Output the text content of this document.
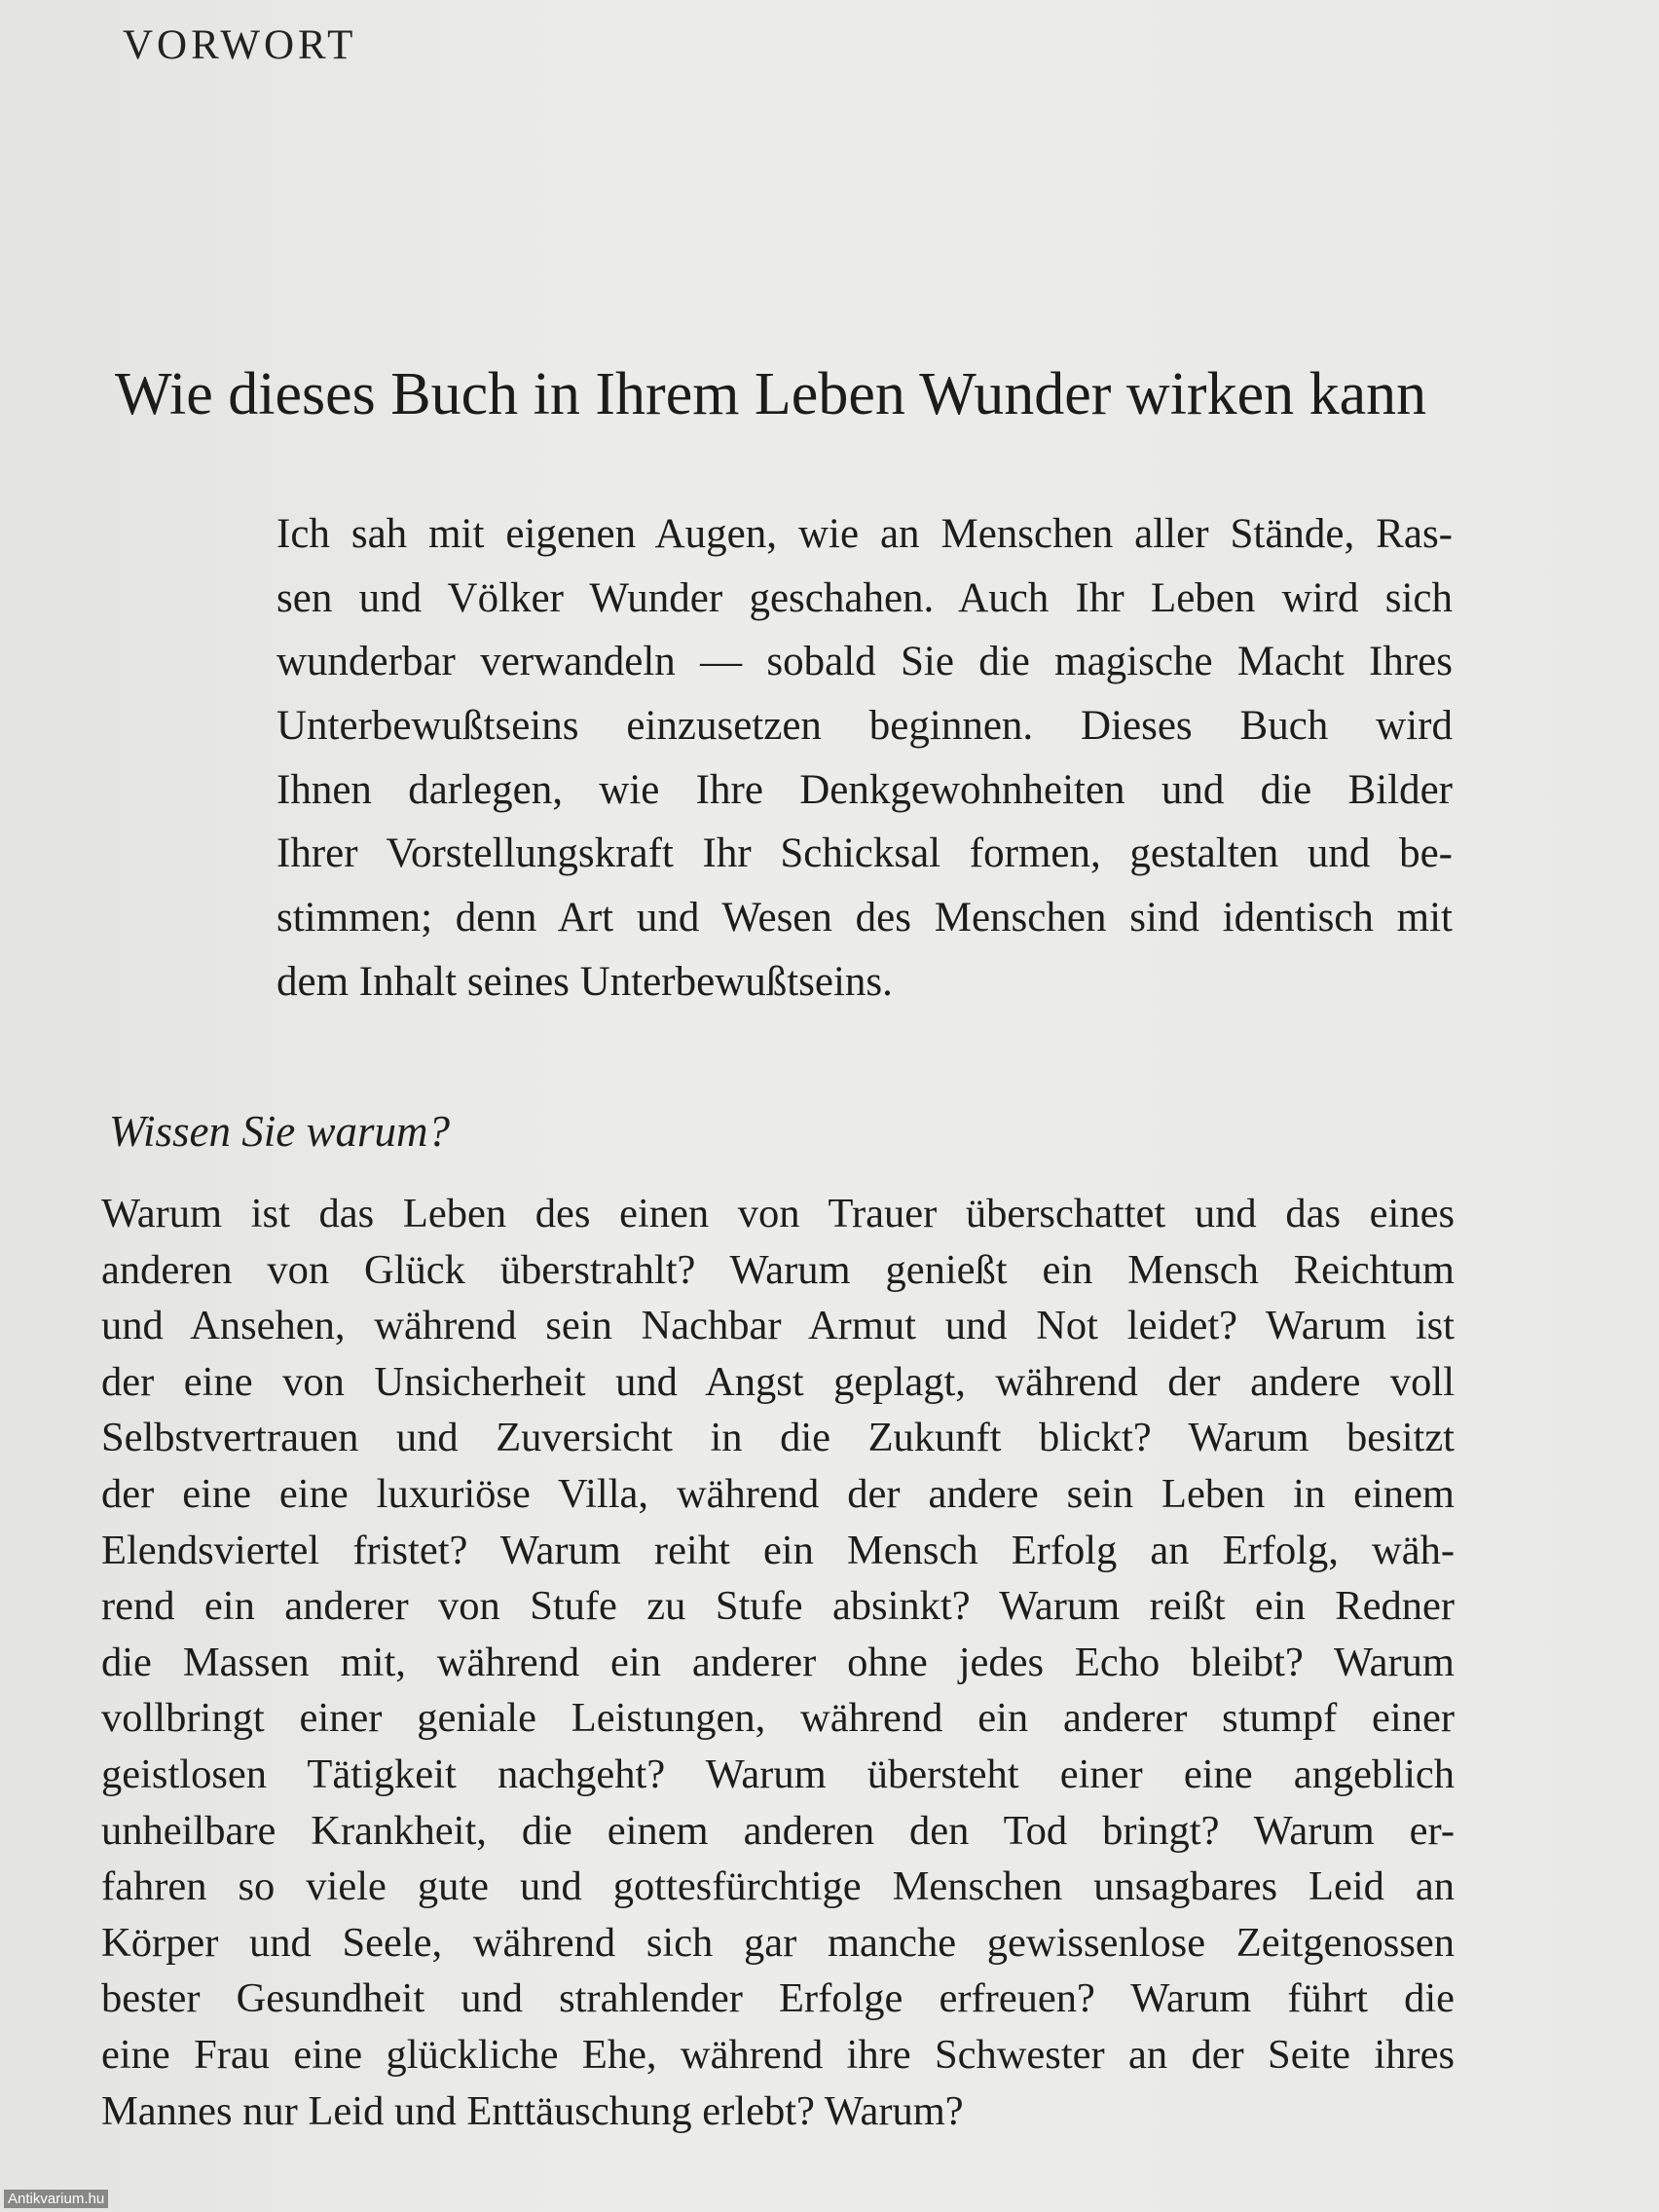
VORWORT
Wie dieses Buch in Ihrem Leben Wunder wirken kann
Ich sah mit eigenen Augen, wie an Menschen aller Stände, Ras-
sen und Völker Wunder geschahen. Auch Ihr Leben wird sich
wunderbar verwandeln — sobald Sie die magische Macht Ihres
Unterbewußtseins einzusetzen beginnen. Dieses Buch wird
Ihnen darlegen, wie Ihre Denkgewohnheiten und die Bilder
Ihrer Vorstellungskraft Ihr Schicksal formen, gestalten und be-
stimmen; denn Art und Wesen des Menschen sind identisch mit
dem Inhalt seines Unterbewußtseins.
Wissen Sie warum?
Warum ist das Leben des einen von Trauer überschattet und das eines
anderen von Glück überstrahlt? Warum genießt ein Mensch Reichtum
und Ansehen, während sein Nachbar Armut und Not leidet? Warum ist
der eine von Unsicherheit und Angst geplagt, während der andere voll
Selbstvertrauen und Zuversicht in die Zukunft blickt? Warum besitzt
der eine eine luxuriöse Villa, während der andere sein Leben in einem
Elendsviertel fristet? Warum reiht ein Mensch Erfolg an Erfolg, wäh-
rend ein anderer von Stufe zu Stufe absinkt? Warum reißt ein Redner
die Massen mit, während ein anderer ohne jedes Echo bleibt? Warum
vollbringt einer geniale Leistungen, während ein anderer stumpf einer
geistlosen Tätigkeit nachgeht? Warum übersteht einer eine angeblich
unheilbare Krankheit, die einem anderen den Tod bringt? Warum er-
fahren so viele gute und gottesfürchtige Menschen unsagbares Leid an
Körper und Seele, während sich gar manche gewissenlose Zeitgenossen
bester Gesundheit und strahlender Erfolge erfreuen? Warum führt die
eine Frau eine glückliche Ehe, während ihre Schwester an der Seite ihres
Mannes nur Leid und Enttäuschung erlebt? Warum?
Antikvarium.hu
